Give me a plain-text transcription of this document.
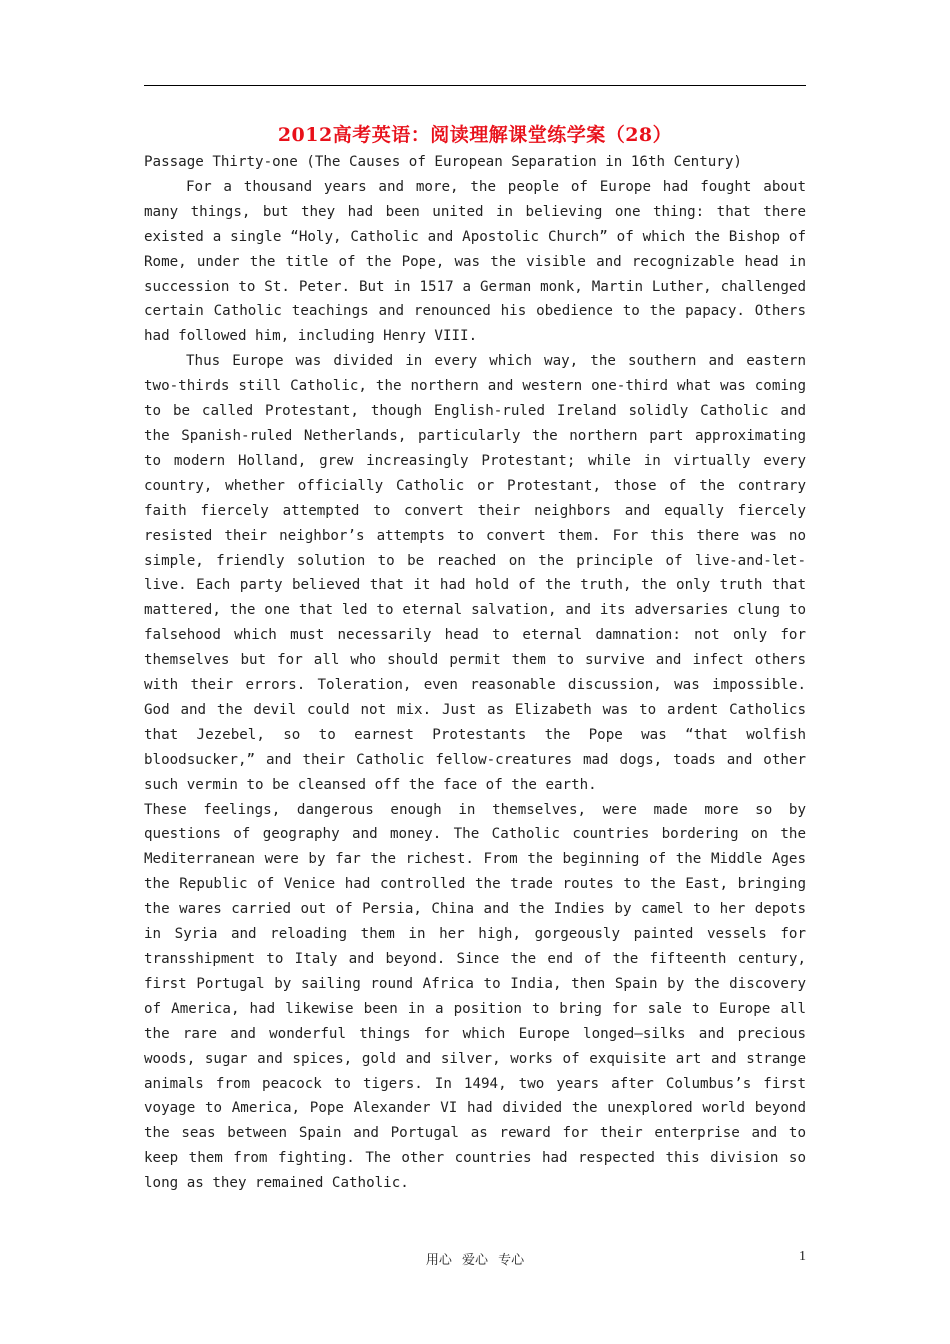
2012高考英语：阅读理解课堂练学案（28）

Passage Thirty-one (The Causes of European Separation in 16th Century)

For a thousand years and more, the people of Europe had fought about many things, but they had been united in believing one thing: that there existed a single “Holy, Catholic and Apostolic Church” of which the Bishop of Rome, under the title of the Pope, was the visible and recognizable head in succession to St. Peter. But in 1517 a German monk, Martin Luther, challenged certain Catholic teachings and renounced his obedience to the papacy. Others had followed him, including Henry VIII.

Thus Europe was divided in every which way, the southern and eastern two-thirds still Catholic, the northern and western one-third what was coming to be called Protestant, though English-ruled Ireland solidly Catholic and the Spanish-ruled Netherlands, particularly the northern part approximating to modern Holland, grew increasingly Protestant; while in virtually every country, whether officially Catholic or Protestant, those of the contrary faith fiercely attempted to convert their neighbors and equally fiercely resisted their neighbor’s attempts to convert them. For this there was no simple, friendly solution to be reached on the principle of live-and-let-live. Each party believed that it had hold of the truth, the only truth that mattered, the one that led to eternal salvation, and its adversaries clung to falsehood which must necessarily head to eternal damnation: not only for themselves but for all who should permit them to survive and infect others with their errors. Toleration, even reasonable discussion, was impossible. God and the devil could not mix. Just as Elizabeth was to ardent Catholics that Jezebel, so to earnest Protestants the Pope was “that wolfish bloodsucker,” and their Catholic fellow-creatures mad dogs, toads and other such vermin to be cleansed off the face of the earth.

These feelings, dangerous enough in themselves, were made more so by questions of geography and money. The Catholic countries bordering on the Mediterranean were by far the richest. From the beginning of the Middle Ages the Republic of Venice had controlled the trade routes to the East, bringing the wares carried out of Persia, China and the Indies by camel to her depots in Syria and reloading them in her high, gorgeously painted vessels for transshipment to Italy and beyond. Since the end of the fifteenth century, first Portugal by sailing round Africa to India, then Spain by the discovery of America, had likewise been in a position to bring for sale to Europe all the rare and wonderful things for which Europe longed—silks and precious woods, sugar and spices, gold and silver, works of exquisite art and strange animals from peacock to tigers. In 1494, two years after Columbus’s first voyage to America, Pope Alexander VI had divided the unexplored world beyond the seas between Spain and Portugal as reward for their enterprise and to keep them from fighting. The other countries had respected this division so long as they remained Catholic.

用心 爱心 专心	1
